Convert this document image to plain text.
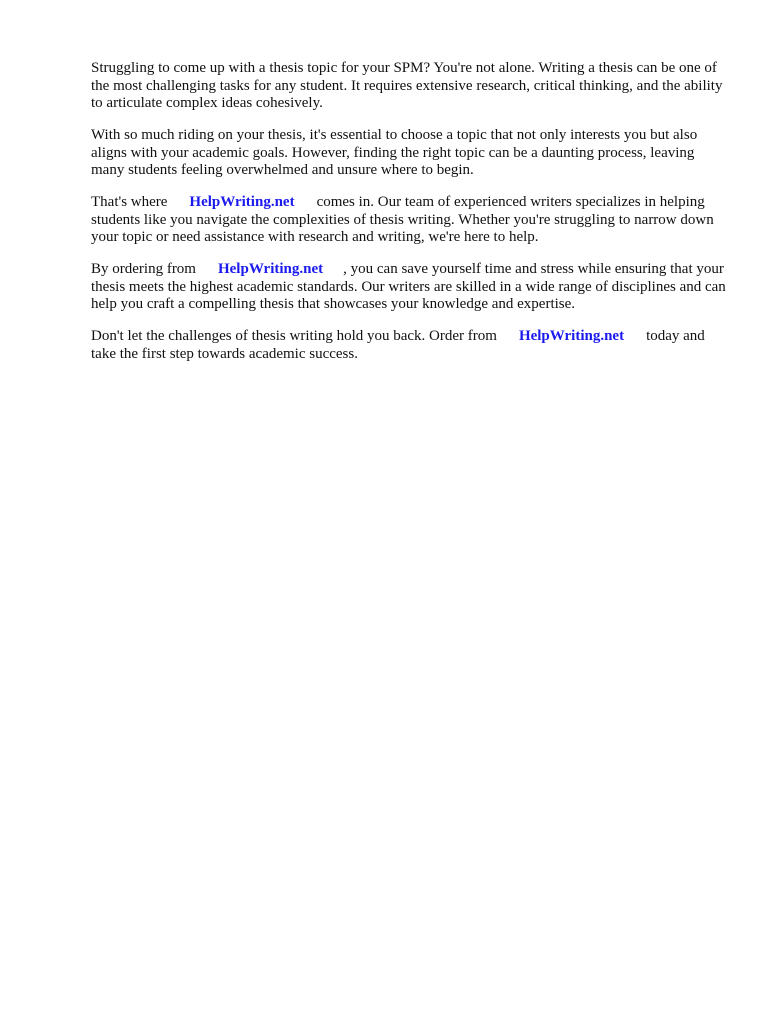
Struggling to come up with a thesis topic for your SPM? You're not alone. Writing a thesis can be one of the most challenging tasks for any student. It requires extensive research, critical thinking, and the ability to articulate complex ideas cohesively.

With so much riding on your thesis, it's essential to choose a topic that not only interests you but also aligns with your academic goals. However, finding the right topic can be a daunting process, leaving many students feeling overwhelmed and unsure where to begin.

That's where HelpWriting.net comes in. Our team of experienced writers specializes in helping students like you navigate the complexities of thesis writing. Whether you're struggling to narrow down your topic or need assistance with research and writing, we're here to help.

By ordering from HelpWriting.net , you can save yourself time and stress while ensuring that your thesis meets the highest academic standards. Our writers are skilled in a wide range of disciplines and can help you craft a compelling thesis that showcases your knowledge and expertise.

Don't let the challenges of thesis writing hold you back. Order from HelpWriting.net today and take the first step towards academic success.
